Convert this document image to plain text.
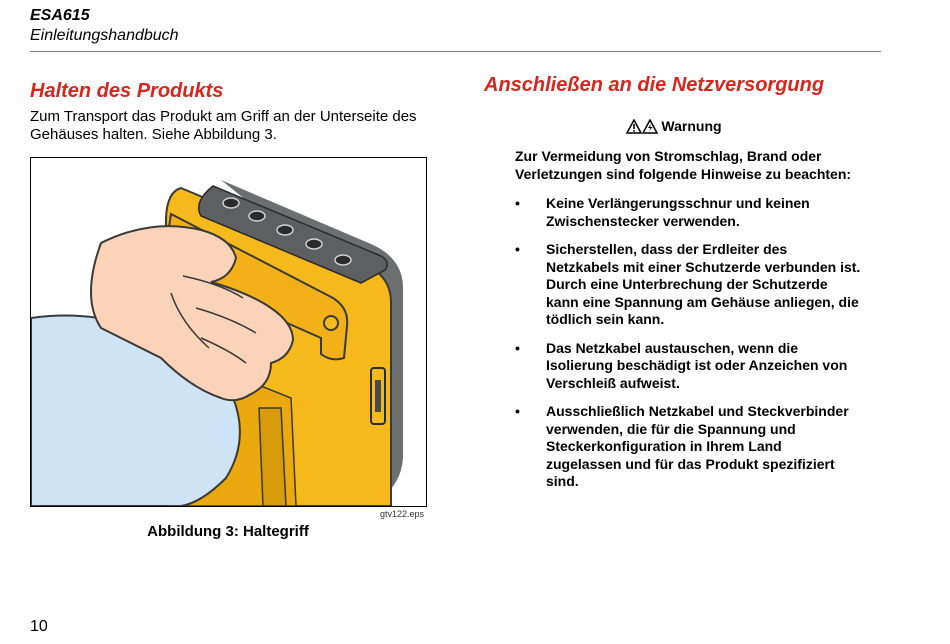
ESA615
Einleitungshandbuch
Halten des Produkts

Zum Transport das Produkt am Griff an der Unterseite des Gehäuses halten. Siehe Abbildung 3.

gtv122.eps
Abbildung 3: Haltegriff
Anschließen an die Netzversorgung
Warnung
Zur Vermeidung von Stromschlag, Brand oder Verletzungen sind folgende Hinweise zu beachten:
• Keine Verlängerungsschnur und keinen Zwischenstecker verwenden.
• Sicherstellen, dass der Erdleiter des Netzkabels mit einer Schutzerde verbunden ist. Durch eine Unterbrechung der Schutzerde kann eine Spannung am Gehäuse anliegen, die tödlich sein kann.
• Das Netzkabel austauschen, wenn die Isolierung beschädigt ist oder Anzeichen von Verschleiß aufweist.
• Ausschließlich Netzkabel und Steckverbinder verwenden, die für die Spannung und Steckerkonfiguration in Ihrem Land zugelassen und für das Produkt spezifiziert sind.
10
